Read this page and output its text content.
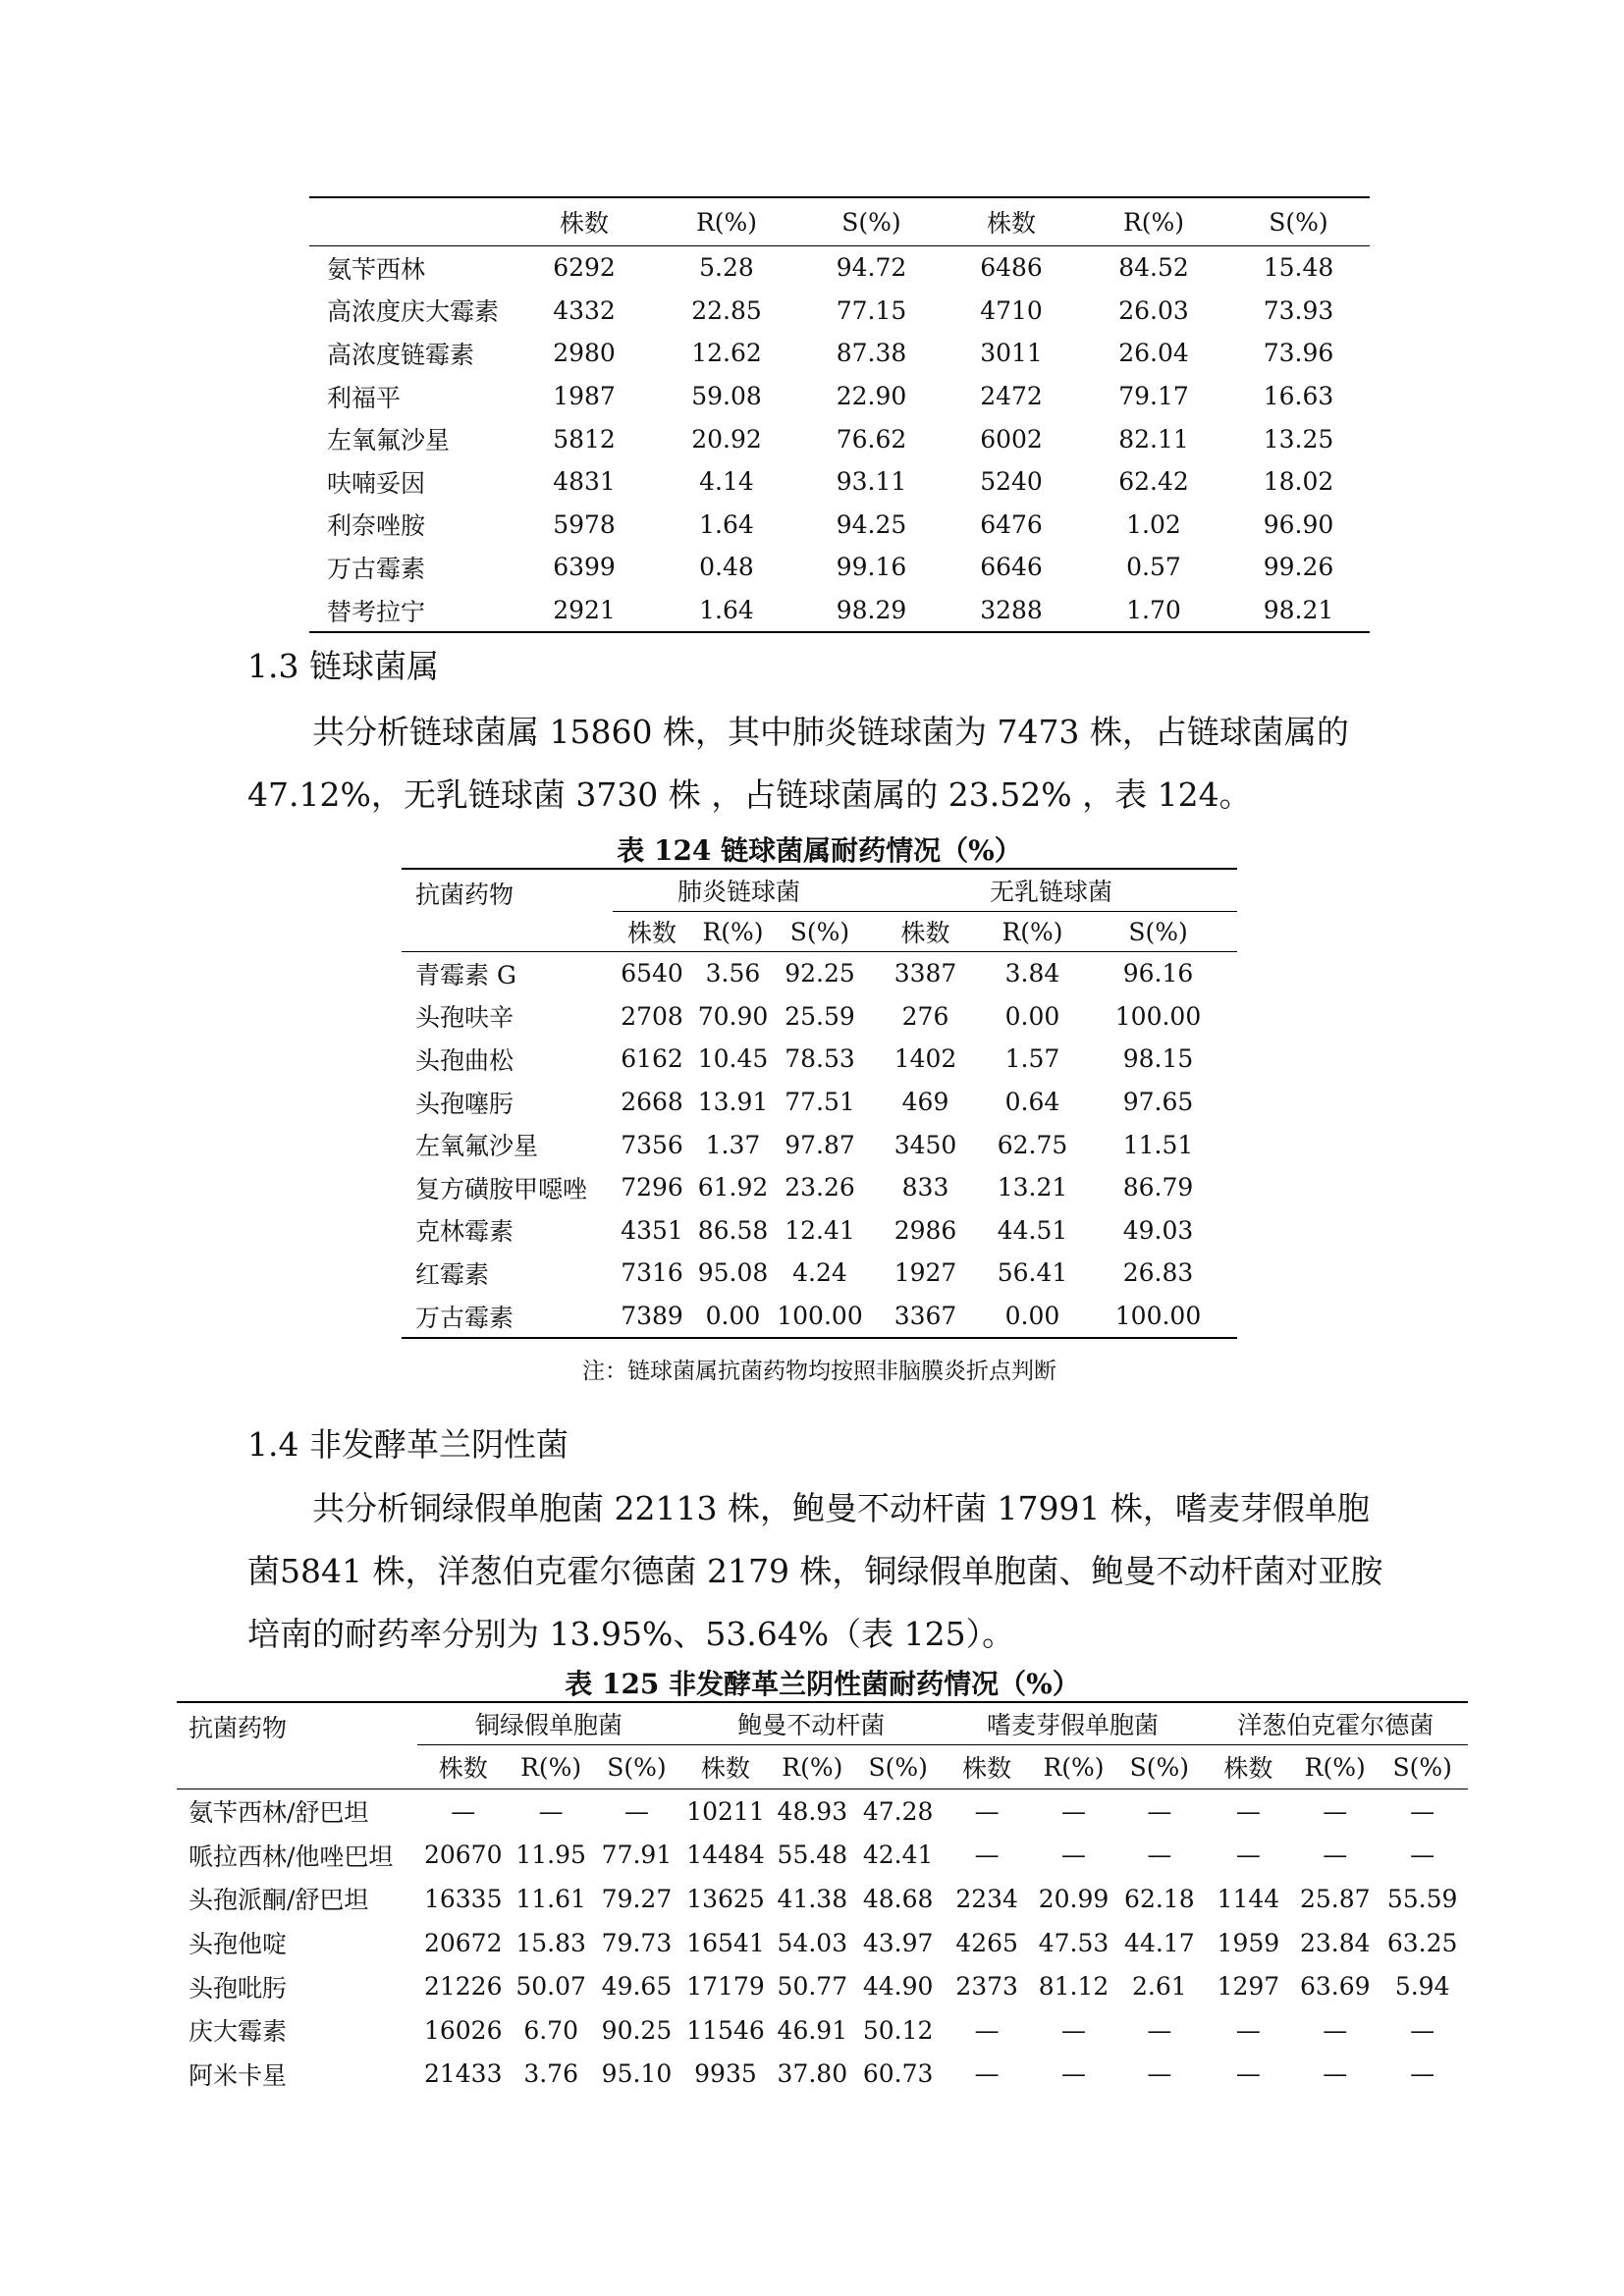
	株数	R(%)	S(%)	株数	R(%)	S(%)
氨苄西林	6292	5.28	94.72	6486	84.52	15.48
高浓度庆大霉素	4332	22.85	77.15	4710	26.03	73.93
高浓度链霉素	2980	12.62	87.38	3011	26.04	73.96
利福平	1987	59.08	22.90	2472	79.17	16.63
左氧氟沙星	5812	20.92	76.62	6002	82.11	13.25
呋喃妥因	4831	4.14	93.11	5240	62.42	18.02
利奈唑胺	5978	1.64	94.25	6476	1.02	96.90
万古霉素	6399	0.48	99.16	6646	0.57	99.26
替考拉宁	2921	1.64	98.29	3288	1.70	98.21
1.3 链球菌属
共分析链球菌属 15860 株，其中肺炎链球菌为 7473 株，占链球菌属的47.12%，无乳链球菌 3730 株 ，占链球菌属的 23.52% ，表 124。
表 124 链球菌属耐药情况（%）
抗菌药物	肺炎链球菌			无乳链球菌		
	株数	R(%)	S(%)	株数	R(%)	S(%)
青霉素 G	6540	3.56	92.25	3387	3.84	96.16
头孢呋辛	2708	70.90	25.59	276	0.00	100.00
头孢曲松	6162	10.45	78.53	1402	1.57	98.15
头孢噻肟	2668	13.91	77.51	469	0.64	97.65
左氧氟沙星	7356	1.37	97.87	3450	62.75	11.51
复方磺胺甲噁唑	7296	61.92	23.26	833	13.21	86.79
克林霉素	4351	86.58	12.41	2986	44.51	49.03
红霉素	7316	95.08	4.24	1927	56.41	26.83
万古霉素	7389	0.00	100.00	3367	0.00	100.00
注：链球菌属抗菌药物均按照非脑膜炎折点判断
1.4 非发酵革兰阴性菌
共分析铜绿假单胞菌 22113 株，鲍曼不动杆菌 17991 株，嗜麦芽假单胞菌5841 株，洋葱伯克霍尔德菌 2179 株，铜绿假单胞菌、鲍曼不动杆菌对亚胺培南的耐药率分别为 13.95%、53.64%（表 125）。
表 125 非发酵革兰阴性菌耐药情况（%）
抗菌药物	铜绿假单胞菌			鲍曼不动杆菌			嗜麦芽假单胞菌			洋葱伯克霍尔德菌		
	株数	R(%)	S(%)	株数	R(%)	S(%)	株数	R(%)	S(%)	株数	R(%)	S(%)
氨苄西林/舒巴坦	—	—	—	10211	48.93	47.28	—	—	—	—	—	—
哌拉西林/他唑巴坦	20670	11.95	77.91	14484	55.48	42.41	—	—	—	—	—	—
头孢派酮/舒巴坦	16335	11.61	79.27	13625	41.38	48.68	2234	20.99	62.18	1144	25.87	55.59
头孢他啶	20672	15.83	79.73	16541	54.03	43.97	4265	47.53	44.17	1959	23.84	63.25
头孢吡肟	21226	50.07	49.65	17179	50.77	44.90	2373	81.12	2.61	1297	63.69	5.94
庆大霉素	16026	6.70	90.25	11546	46.91	50.12	—	—	—	—	—	—
阿米卡星	21433	3.76	95.10	9935	37.80	60.73	—	—	—	—	—	—
